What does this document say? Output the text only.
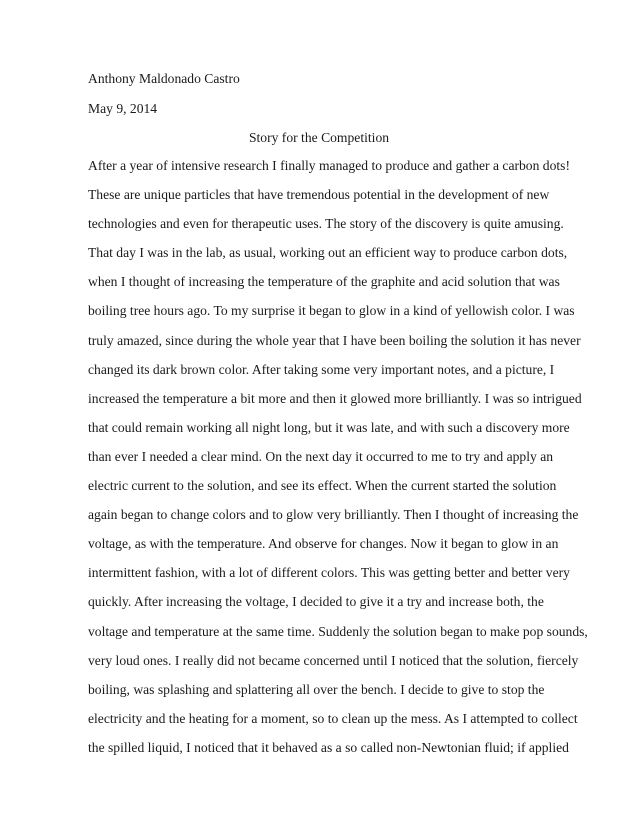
Anthony Maldonado Castro

May 9, 2014

Story for the Competition

After a year of intensive research I finally managed to produce and gather a carbon dots!

These are unique particles that have tremendous potential in the development of new

technologies and even for therapeutic uses. The story of the discovery is quite amusing.

That day I was in the lab, as usual, working out an efficient way to produce carbon dots,

when I thought of increasing the temperature of the graphite and acid solution that was

boiling tree hours ago. To my surprise it began to glow in a kind of yellowish color. I was

truly amazed, since during the whole year that I have been boiling the solution it has never

changed its dark brown color. After taking some very important notes, and a picture, I

increased the temperature a bit more and then it glowed more brilliantly. I was so intrigued

that could remain working all night long, but it was late, and with such a discovery more

than ever I needed a clear mind. On the next day it occurred to me to try and apply an

electric current to the solution, and see its effect. When the current started the solution

again began to change colors and to glow very brilliantly. Then I thought of increasing the

voltage, as with the temperature. And observe for changes. Now it began to glow in an

intermittent fashion, with a lot of different colors. This was getting better and better very

quickly. After increasing the voltage, I decided to give it a try and increase both, the

voltage and temperature at the same time. Suddenly the solution began to make pop sounds,

very loud ones. I really did not became concerned until I noticed that the solution, fiercely

boiling, was splashing and splattering all over the bench. I decide to give to stop the

electricity and the heating for a moment, so to clean up the mess. As I attempted to collect

the spilled liquid, I noticed that it behaved as a so called non-Newtonian fluid; if applied
